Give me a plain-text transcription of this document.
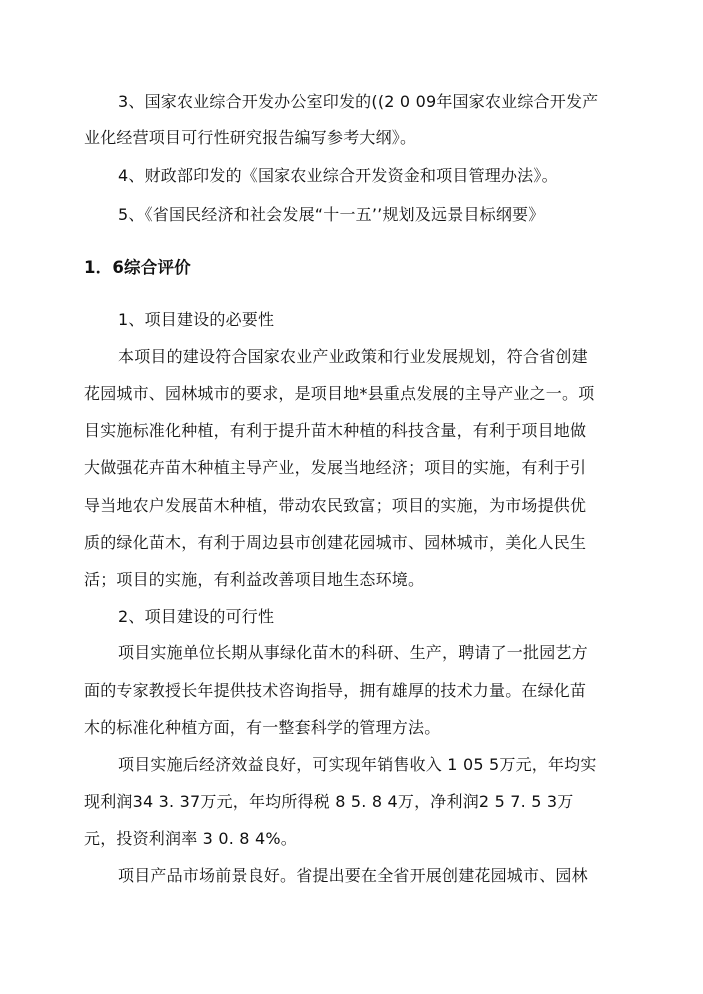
3、国家农业综合开发办公室印发的((2 0 09年国家农业综合开发产
业化经营项目可行性研究报告编写参考大纲》。
4、财政部印发的《国家农业综合开发资金和项目管理办法》。
5、《省国民经济和社会发展“十一五’’规划及远景目标纲要》
1．6综合评价
1、项目建设的必要性
本项目的建设符合国家农业产业政策和行业发展规划，符合省创建
花园城市、园林城市的要求，是项目地*县重点发展的主导产业之一。项
目实施标准化种植，有利于提升苗木种植的科技含量，有利于项目地做
大做强花卉苗木种植主导产业，发展当地经济；项目的实施，有利于引
导当地农户发展苗木种植，带动农民致富；项目的实施，为市场提供优
质的绿化苗木，有利于周边县市创建花园城市、园林城市，美化人民生
活；项目的实施，有利益改善项目地生态环境。
2、项目建设的可行性
项目实施单位长期从事绿化苗木的科研、生产，聘请了一批园艺方
面的专家教授长年提供技术咨询指导，拥有雄厚的技术力量。在绿化苗
木的标准化种植方面，有一整套科学的管理方法。
项目实施后经济效益良好，可实现年销售收入 1 05 5万元，年均实
现利润34 3. 37万元，年均所得税 8 5. 8 4万，净利润2 5 7. 5 3万
元，投资利润率 3 0. 8 4%。
项目产品市场前景良好。省提出要在全省开展创建花园城市、园林
